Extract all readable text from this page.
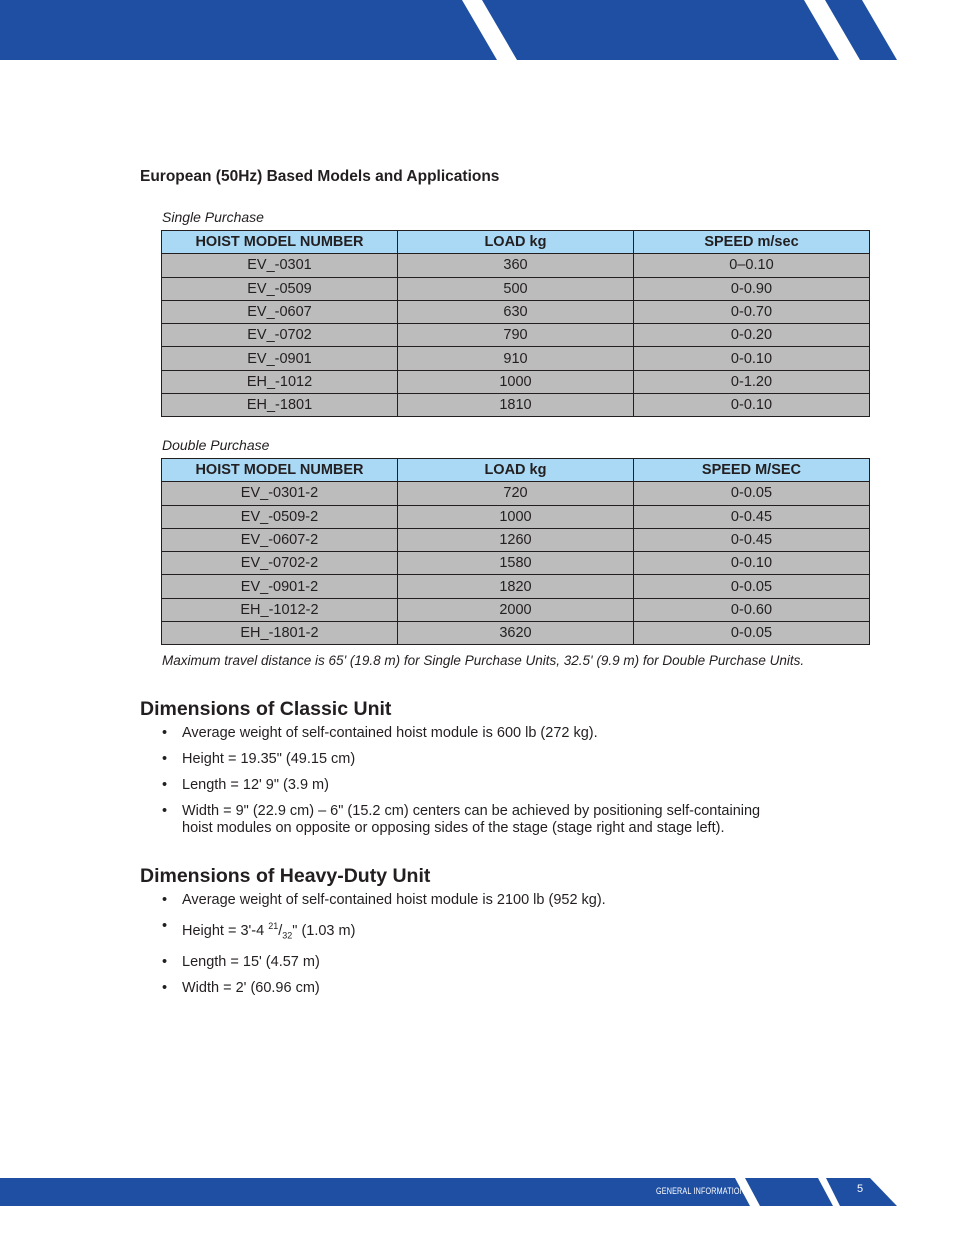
European (50Hz) Based Models and Applications

Single Purchase

HOIST MODEL NUMBER	LOAD kg	SPEED m/sec
EV_-0301	360	0–0.10
EV_-0509	500	0-0.90
EV_-0607	630	0-0.70
EV_-0702	790	0-0.20
EV_-0901	910	0-0.10
EH_-1012	1000	0-1.20
EH_-1801	1810	0-0.10

Double Purchase

HOIST MODEL NUMBER	LOAD kg	SPEED M/SEC
EV_-0301-2	720	0-0.05
EV_-0509-2	1000	0-0.45
EV_-0607-2	1260	0-0.45
EV_-0702-2	1580	0-0.10
EV_-0901-2	1820	0-0.05
EH_-1012-2	2000	0-0.60
EH_-1801-2	3620	0-0.05

Maximum travel distance is 65' (19.8 m) for Single Purchase Units, 32.5' (9.9 m) for Double Purchase Units.

Dimensions of Classic Unit
• Average weight of self-contained hoist module is 600 lb (272 kg).
• Height = 19.35" (49.15 cm)
• Length = 12' 9" (3.9 m)
• Width = 9" (22.9 cm) – 6" (15.2 cm) centers can be achieved by positioning self-containing hoist modules on opposite or opposing sides of the stage (stage right and stage left).
Dimensions of Heavy-Duty Unit
• Average weight of self-contained hoist module is 2100 lb (952 kg).
• Height = 3'-4 $^{21}/_{32}$" (1.03 m)
• Length = 15' (4.57 m)
• Width = 2' (60.96 cm)
GENERAL INFORMATION	5
